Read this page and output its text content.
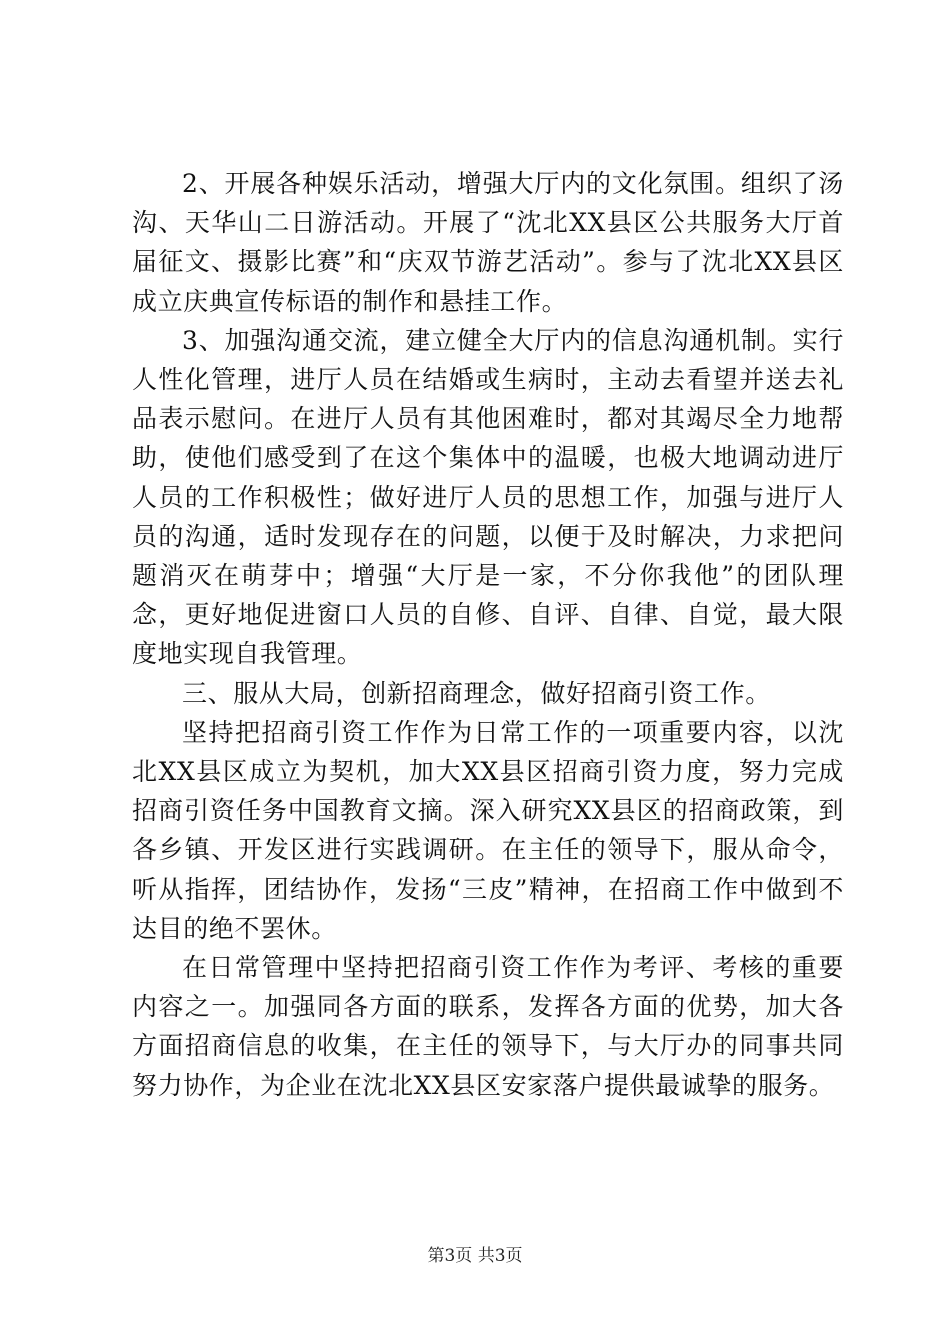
2、开展各种娱乐活动，增强大厅内的文化氛围。组织了汤沟、天华山二日游活动。开展了“沈北XX县区公共服务大厅首届征文、摄影比赛”和“庆双节游艺活动”。参与了沈北XX县区成立庆典宣传标语的制作和悬挂工作。

3、加强沟通交流，建立健全大厅内的信息沟通机制。实行人性化管理，进厅人员在结婚或生病时，主动去看望并送去礼品表示慰问。在进厅人员有其他困难时，都对其竭尽全力地帮助，使他们感受到了在这个集体中的温暖，也极大地调动进厅人员的工作积极性；做好进厅人员的思想工作，加强与进厅人员的沟通，适时发现存在的问题，以便于及时解决，力求把问题消灭在萌芽中；增强“大厅是一家，不分你我他”的团队理念，更好地促进窗口人员的自修、自评、自律、自觉，最大限度地实现自我管理。

三、服从大局，创新招商理念，做好招商引资工作。

坚持把招商引资工作作为日常工作的一项重要内容，以沈北XX县区成立为契机，加大XX县区招商引资力度，努力完成招商引资任务中国教育文摘。深入研究XX县区的招商政策，到各乡镇、开发区进行实践调研。在主任的领导下，服从命令，听从指挥，团结协作，发扬“三皮”精神，在招商工作中做到不达目的绝不罢休。

在日常管理中坚持把招商引资工作作为考评、考核的重要内容之一。加强同各方面的联系，发挥各方面的优势，加大各方面招商信息的收集，在主任的领导下，与大厅办的同事共同努力协作，为企业在沈北XX县区安家落户提供最诚挚的服务。

第3页 共3页
